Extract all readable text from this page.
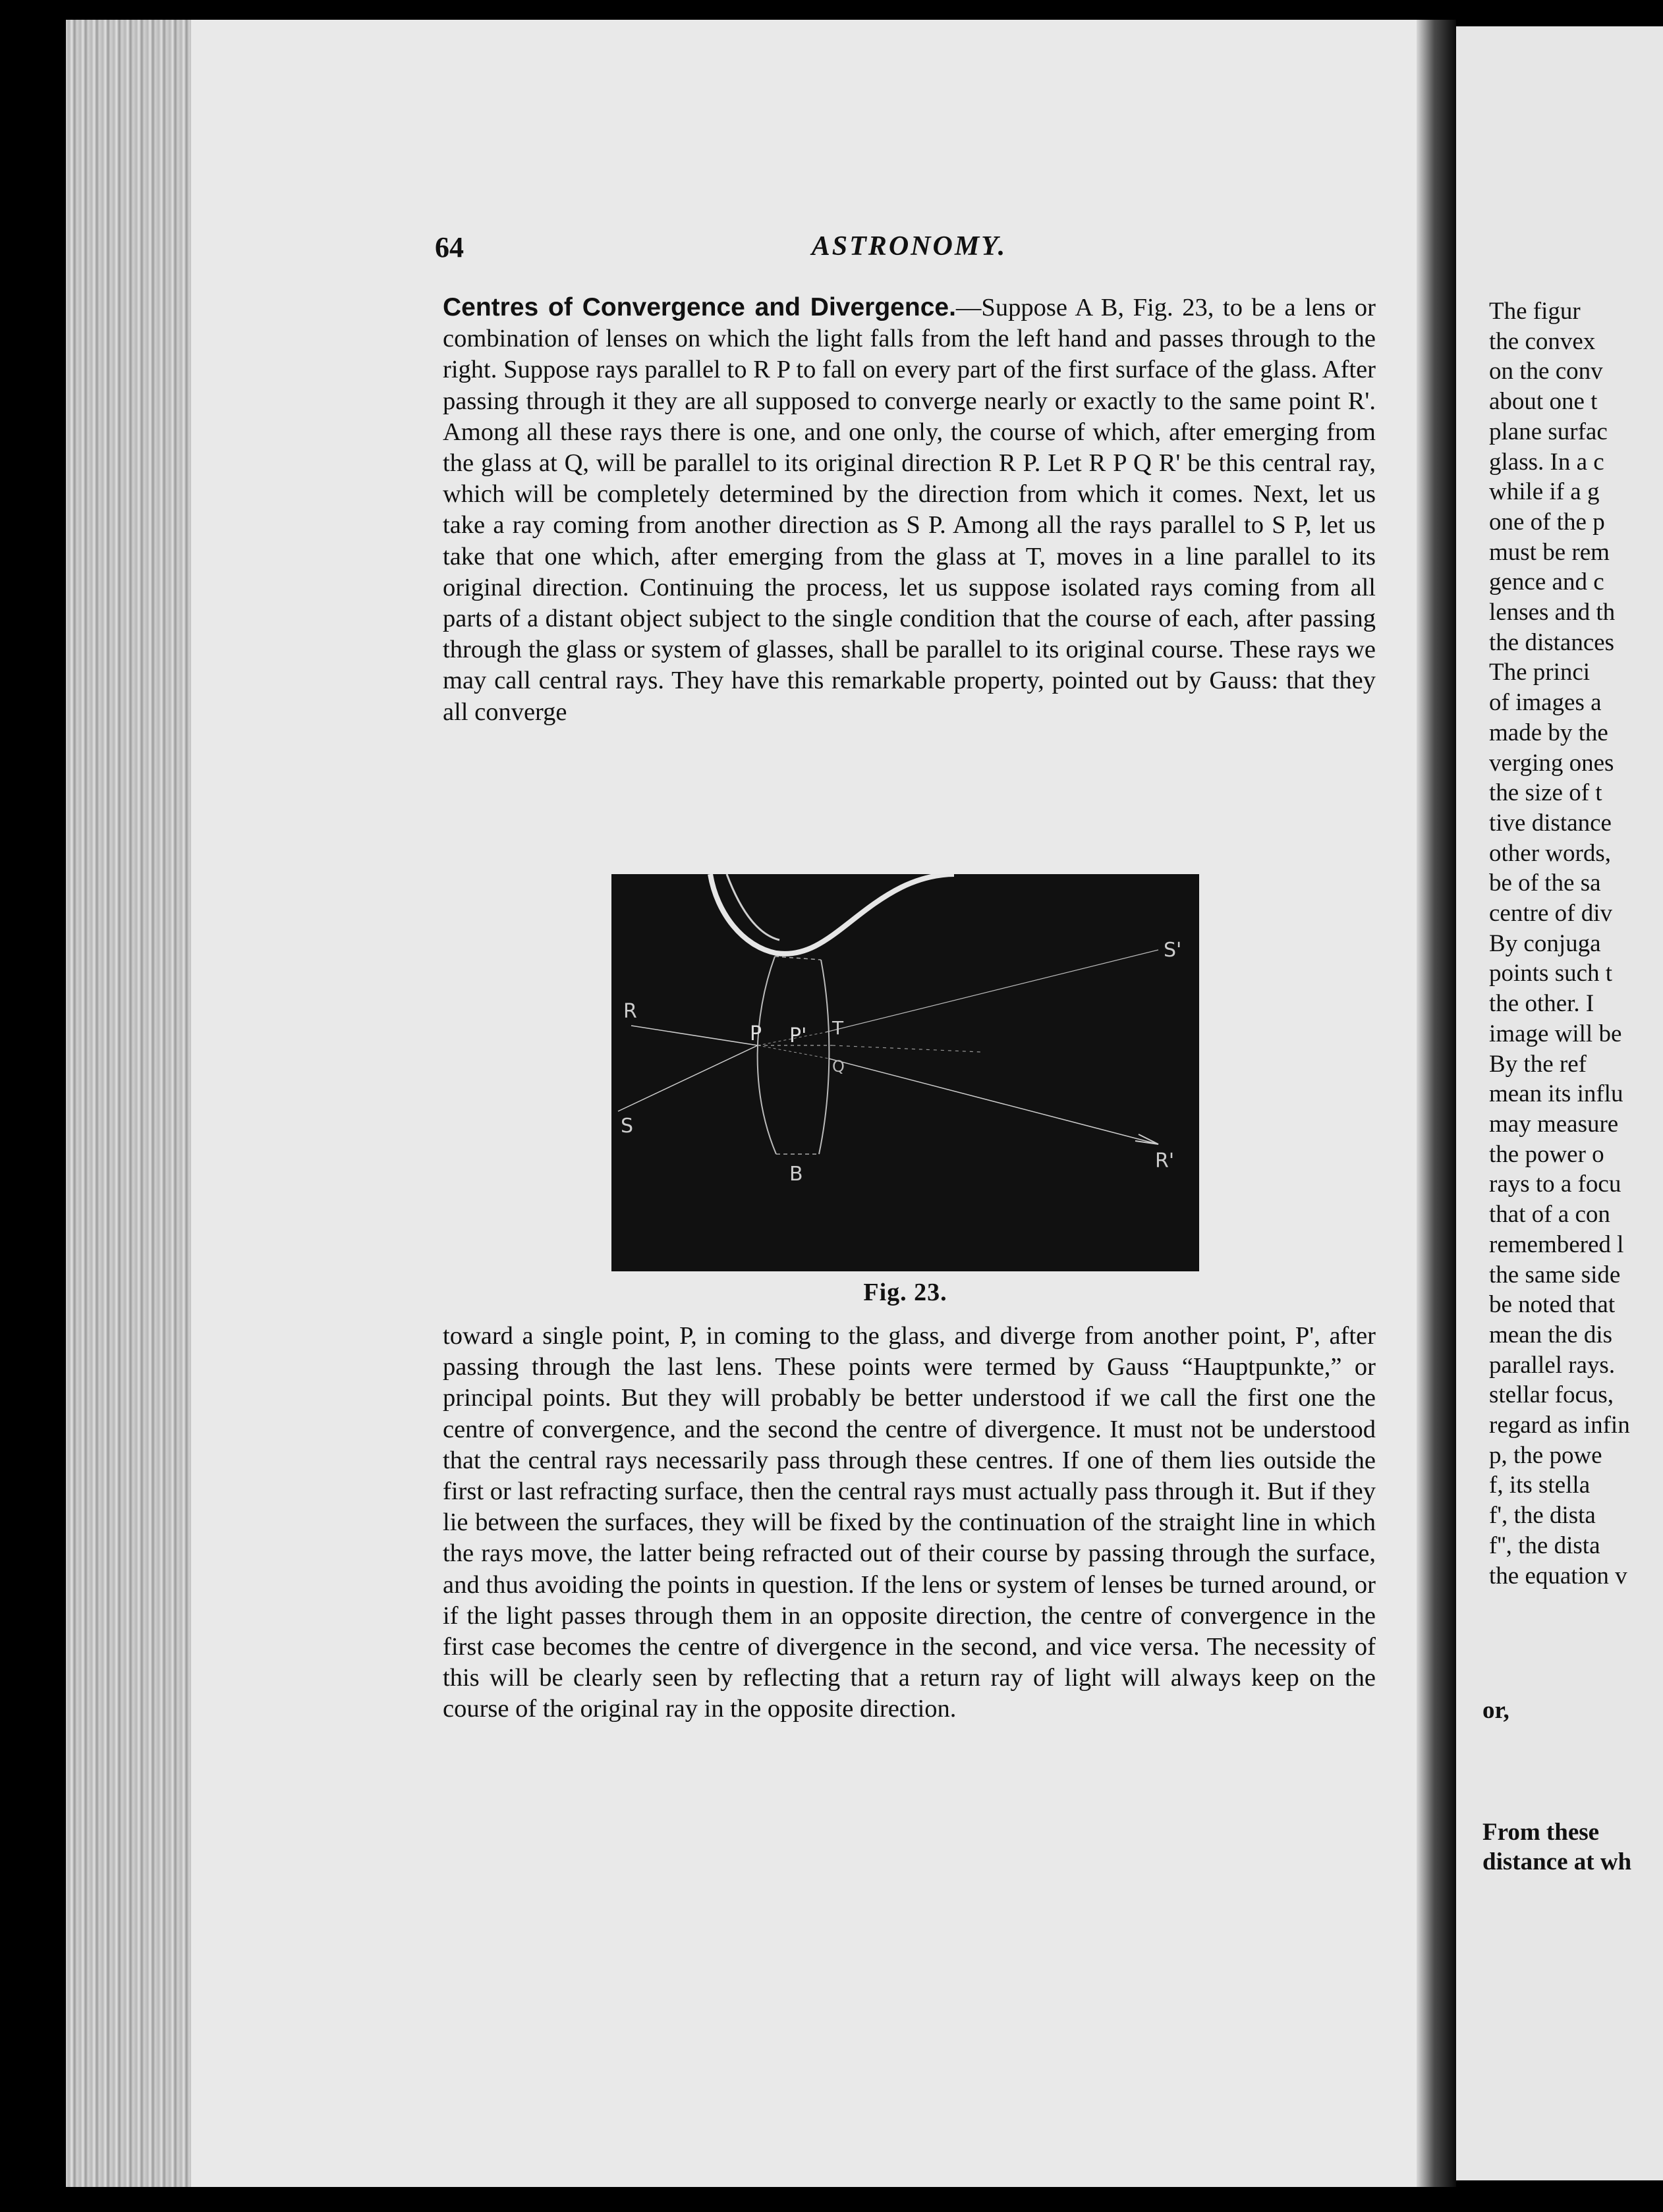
The figur
the convex
on the conv
about one t
plane surfac
glass. In a c
while if a g
one of the p
must be rem
gence and c
lenses and th
the distances
The princi
of images a
made by the
verging ones
the size of t
tive distance
other words,
be of the sa
centre of div
By conjuga
points such t
the other. I
image will be
By the ref
mean its influ
may measure
the power o
rays to a focu
that of a con
remembered l
the same side
be noted that
mean the dis
parallel rays.
stellar focus,
regard as infin
p, the powe
f, its stella
f', the dista
f'', the dista
the equation v
or,
From these
distance at wh
64	ASTRONOMY.

Centres of Convergence and Divergence.—Suppose A B, Fig. 23, to be a lens or combination of lenses on which the light falls from the left hand and passes through to the right. Suppose rays parallel to R P to fall on every part of the first surface of the glass. After passing through it they are all supposed to converge nearly or exactly to the same point R'. Among all these rays there is one, and one only, the course of which, after emerging from the glass at Q, will be parallel to its original direction R P. Let R P Q R' be this central ray, which will be completely determined by the direction from which it comes. Next, let us take a ray coming from another direction as S P. Among all the rays parallel to S P, let us take that one which, after emerging from the glass at T, moves in a line parallel to its original direction. Continuing the process, let us suppose isolated rays coming from all parts of a distant object subject to the single condition that the course of each, after passing through the glass or system of glasses, shall be parallel to its original course. These rays we may call central rays. They have this remarkable property, pointed out by Gauss: that they all converge

R
S
P P' T
Q
B
S'
R'
Fig. 23.

toward a single point, P, in coming to the glass, and diverge from another point, P', after passing through the last lens. These points were termed by Gauss “Hauptpunkte,” or principal points. But they will probably be better understood if we call the first one the centre of convergence, and the second the centre of divergence. It must not be understood that the central rays necessarily pass through these centres. If one of them lies outside the first or last refracting surface, then the central rays must actually pass through it. But if they lie between the surfaces, they will be fixed by the continuation of the straight line in which the rays move, the latter being refracted out of their course by passing through the surface, and thus avoiding the points in question. If the lens or system of lenses be turned around, or if the light passes through them in an opposite direction, the centre of convergence in the first case becomes the centre of divergence in the second, and vice versa. The necessity of this will be clearly seen by reflecting that a return ray of light will always keep on the course of the original ray in the opposite direction.
